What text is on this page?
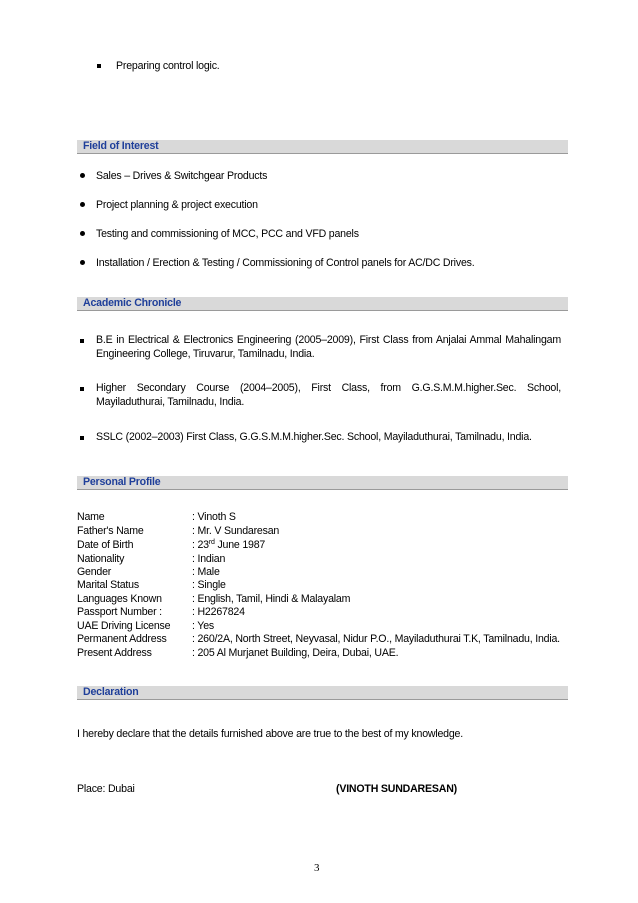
Preparing control logic.
Field of Interest
Sales – Drives & Switchgear Products
Project planning & project execution
Testing and commissioning of MCC, PCC and VFD panels
Installation / Erection & Testing / Commissioning of Control panels for AC/DC Drives.
Academic Chronicle
B.E in Electrical & Electronics Engineering (2005–2009), First Class from Anjalai Ammal Mahalingam Engineering College, Tiruvarur, Tamilnadu, India.
Higher Secondary Course (2004–2005), First Class, from G.G.S.M.M.higher.Sec. School, Mayiladuthurai, Tamilnadu, India.
SSLC (2002–2003) First Class, G.G.S.M.M.higher.Sec. School, Mayiladuthurai, Tamilnadu, India.
Personal Profile
Name	: Vinoth S
Father's Name	: Mr. V Sundaresan
Date of Birth	: 23rd June 1987
Nationality	: Indian
Gender	: Male
Marital Status	: Single
Languages Known	: English, Tamil, Hindi & Malayalam
Passport Number :	: H2267824
UAE Driving License	: Yes
Permanent Address	: 260/2A, North Street, Neyvasal, Nidur P.O., Mayiladuthurai T.K, Tamilnadu, India.
Present Address	: 205 Al Murjanet Building, Deira, Dubai, UAE.
Declaration
I hereby declare that the details furnished above are true to the best of my knowledge.
Place: Dubai	(VINOTH SUNDARESAN)
3
